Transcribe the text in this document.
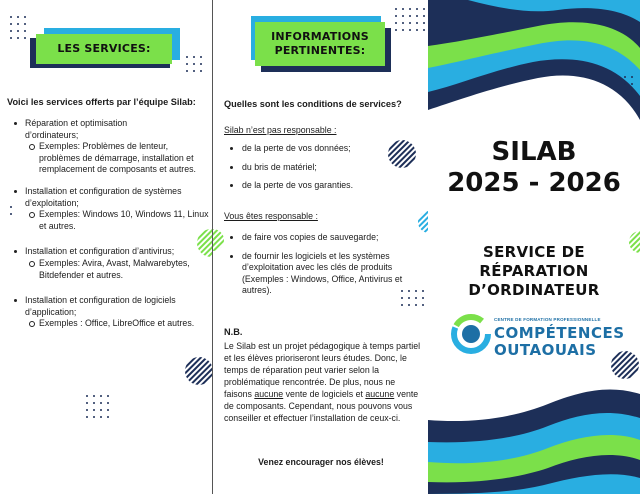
LES SERVICES:
Voici les services offerts par l’équipe Silab:
Réparation et optimisation
d’ordinateurs;
Exemples: Problèmes de lenteur, problèmes de démarrage, installation et remplacement de composants et autres.
Installation et configuration de systèmes
d’exploitation;
Exemples: Windows 10, Windows 11, Linux et autres.
Installation et configuration d’antivirus;
Exemples: Avira, Avast, Malwarebytes, Bitdefender et autres.
Installation et configuration de logiciels
d’application;
Exemples : Office, LibreOffice et autres.
INFORMATIONS
PERTINENTES:
Quelles sont les conditions de services?
Silab n’est pas responsable :
de la perte de vos données;
du bris de matériel;
de la perte de vos garanties.
Vous êtes responsable :
de faire vos copies de sauvegarde;
de fournir les logiciels et les systèmes d’exploitation avec les clés de produits (Exemples : Windows, Office, Antivirus et autres).
N.B.
Le Silab est un projet pédagogique à temps partiel et les élèves prioriseront leurs études. Donc, le temps de réparation peut varier selon la problématique rencontrée. De plus, nous ne faisons aucune vente de logiciels et aucune vente de composants. Cependant, nous pouvons vous conseiller et effectuer l’installation de ceux-ci.
Venez encourager nos élèves!
SILAB
2025 - 2026
SERVICE DE
RÉPARATION
D’ORDINATEUR
CENTRE DE FORMATION PROFESSIONNELLE
COMPÉTENCES
OUTAOUAIS
